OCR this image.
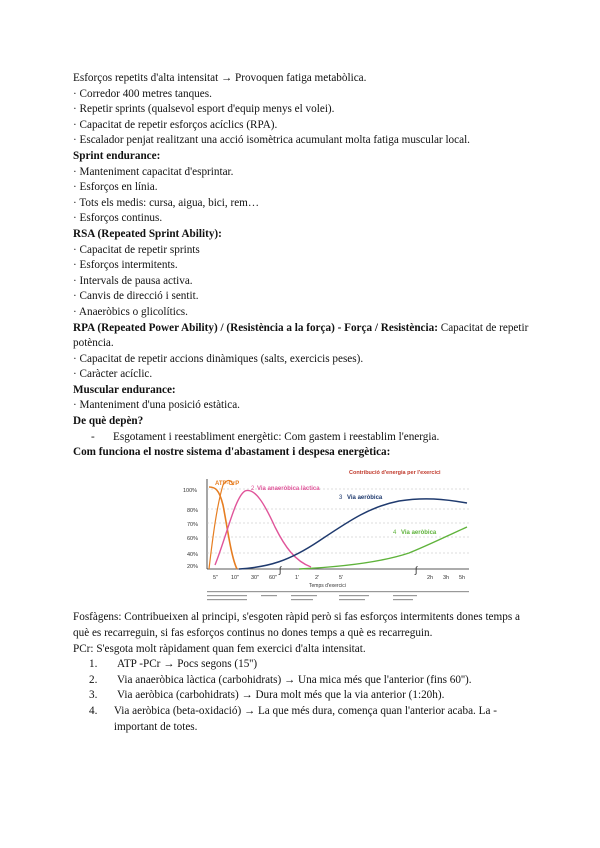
Esforços repetits d'alta intensitat → Provoquen fatiga metabòlica.
· Corredor 400 metres tanques.
· Repetir sprints (qualsevol esport d'equip menys el volei).
· Capacitat de repetir esforços acíclics (RPA).
· Escalador penjat realitzant una acció isomètrica acumulant molta fatiga muscular local.
Sprint endurance:
· Manteniment capacitat d'esprintar.
· Esforços en línia.
· Tots els medis: cursa, aigua, bici, rem…
· Esforços continus.
RSA (Repeated Sprint Ability):
· Capacitat de repetir sprints
· Esforços intermitents.
· Intervals de pausa activa.
· Canvis de direcció i sentit.
· Anaeròbics o glicolítics.
RPA (Repeated Power Ability) / (Resistència a la força) - Força / Resistència: Capacitat de repetir potència.
· Capacitat de repetir accions dinàmiques (salts, exercicis peses).
· Caràcter acíclic.
Muscular endurance:
· Manteniment d'una posició estàtica.
De què depèn?
-	Esgotament i reestabliment energètic: Com gastem i reestablim l'energia.
Com funciona el nostre sistema d'abastament i despesa energètica:
100%
80%
70%
60%
40%
20%	∫	∫
5" 10" 30" 60"	1'	2'	5'	2h 3h 5h
Temps d'exercici
Contribució d'energia per l'exercici
ATP-CrP
2 Via anaeròbica làctica
3 Via aeròbica
4 Via aeròbica
Fosfàgens: Contribueixen al principi, s'esgoten ràpid però si fas esforços intermitents dones temps a què es recarreguin, si fas esforços continus no dones temps a què es recarreguin.
PCr: S'esgota molt ràpidament quan fem exercici d'alta intensitat.
1.	ATP -PCr → Pocs segons (15'')
2.	Via anaeròbica làctica (carbohidrats) → Una mica més que l'anterior (fins 60'').
3.	Via aeròbica (carbohidrats) → Dura molt més que la via anterior (1:20h).
4.	Via aeròbica (beta-oxidació) → La que més dura, comença quan l'anterior acaba. La - important de totes.
